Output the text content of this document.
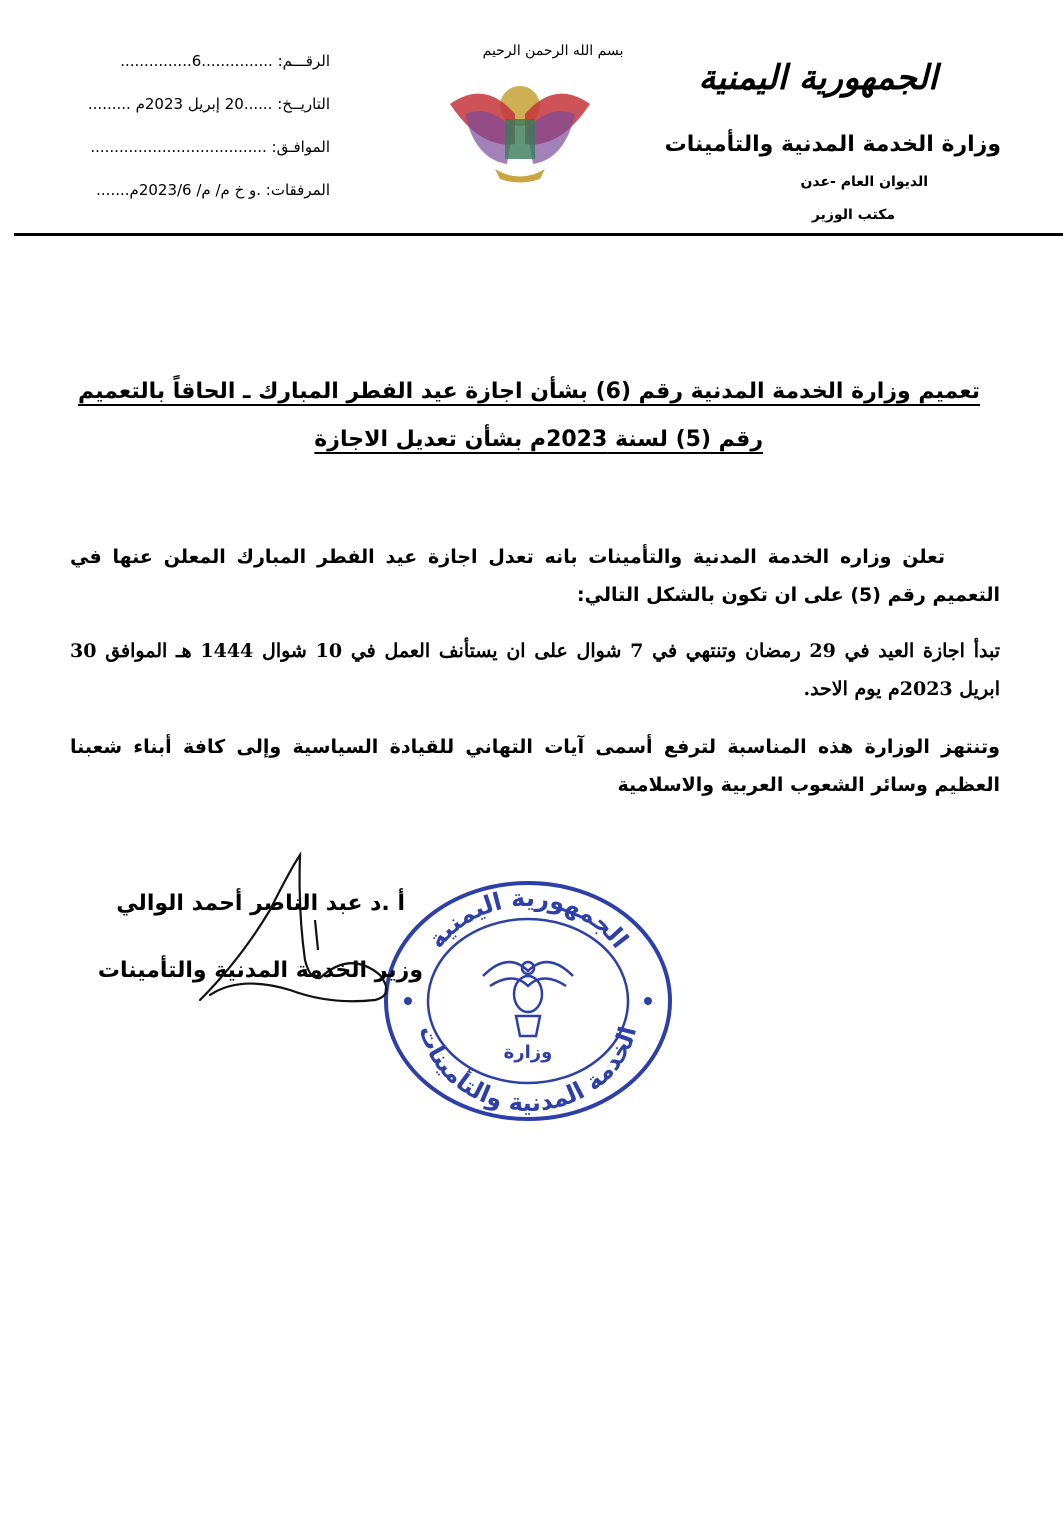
الجمهورية اليمنية
وزارة الخدمة المدنية والتأمينات
الديوان العام -عدن
مكتب الوزير
بسم الله الرحمن الرحيم
الرقـــم: ...............6...............
التاريــخ: ......20 إبريل 2023م .........
الموافـق: .....................................
المرفقات: .و خ م/ م/ 2023/6م.......
تعميم وزارة الخدمة المدنية رقم (6) بشأن اجازة عيد الفطر المبارك ـ الحاقاً بالتعميم
رقم (5) لسنة 2023م بشأن تعديل الاجازة
تعلن وزاره الخدمة المدنية والتأمينات بانه تعدل اجازة عيد الفطر المبارك المعلن عنها في التعميم رقم (5) على ان تكون بالشكل التالي:
تبدأ اجازة العيد في 29 رمضان وتنتهي في 7 شوال على ان يستأنف العمل في 10 شوال 1444 هـ الموافق 30 ابريل 2023م يوم الاحد.
وتنتهز الوزارة هذه المناسبة لترفع أسمى آيات التهاني للقيادة السياسية وإلى كافة أبناء شعبنا العظيم وسائر الشعوب العربية والاسلامية
الجمهورية اليمنية
الخدمة المدنية والتأمينات
وزارة
أ .د عبد الناصر أحمد الوالي
وزير الخدمة المدنية والتأمينات
